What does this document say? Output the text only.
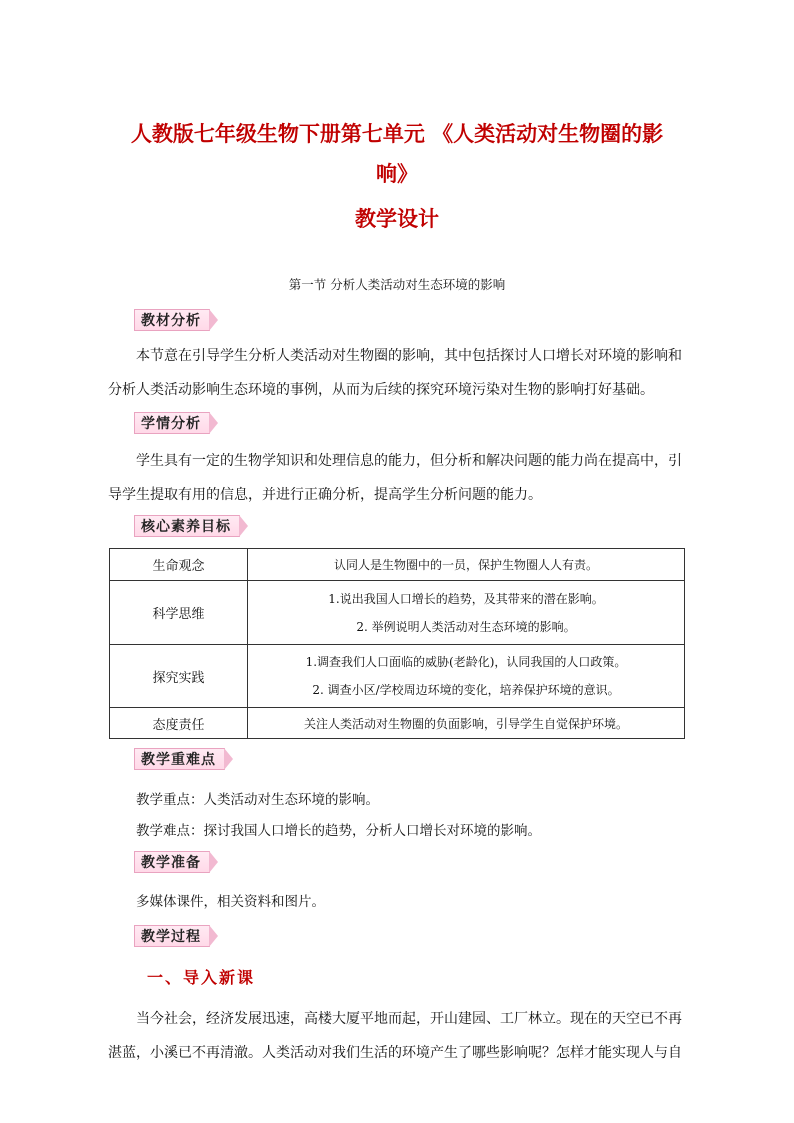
人教版七年级生物下册第七单元 《人类活动对生物圈的影
响》
教学设计
第一节 分析人类活动对生态环境的影响
教材分析
本节意在引导学生分析人类活动对生物圈的影响，其中包括探讨人口增长对环境的影响和
分析人类活动影响生态环境的事例，从而为后续的探究环境污染对生物的影响打好基础。
学情分析
学生具有一定的生物学知识和处理信息的能力，但分析和解决问题的能力尚在提高中，引
导学生提取有用的信息，并进行正确分析，提高学生分析问题的能力。
核心素养目标
生命观念	认同人是生物圈中的一员，保护生物圈人人有责。
科学思维	1.说出我国人口增长的趋势，及其带来的潜在影响。
2. 举例说明人类活动对生态环境的影响。

探究实践	1.调查我们人口面临的威胁(老龄化)，认同我国的人口政策。
2. 调查小区/学校周边环境的变化，培养保护环境的意识。

态度责任	关注人类活动对生物圈的负面影响，引导学生自觉保护环境。
教学重难点
教学重点：人类活动对生态环境的影响。
教学难点：探讨我国人口增长的趋势，分析人口增长对环境的影响。
教学准备
多媒体课件，相关资料和图片。
教学过程
一、导入新课
当今社会，经济发展迅速，高楼大厦平地而起，开山建园、工厂林立。现在的天空已不再
湛蓝，小溪已不再清澈。人类活动对我们生活的环境产生了哪些影响呢？怎样才能实现人与自
